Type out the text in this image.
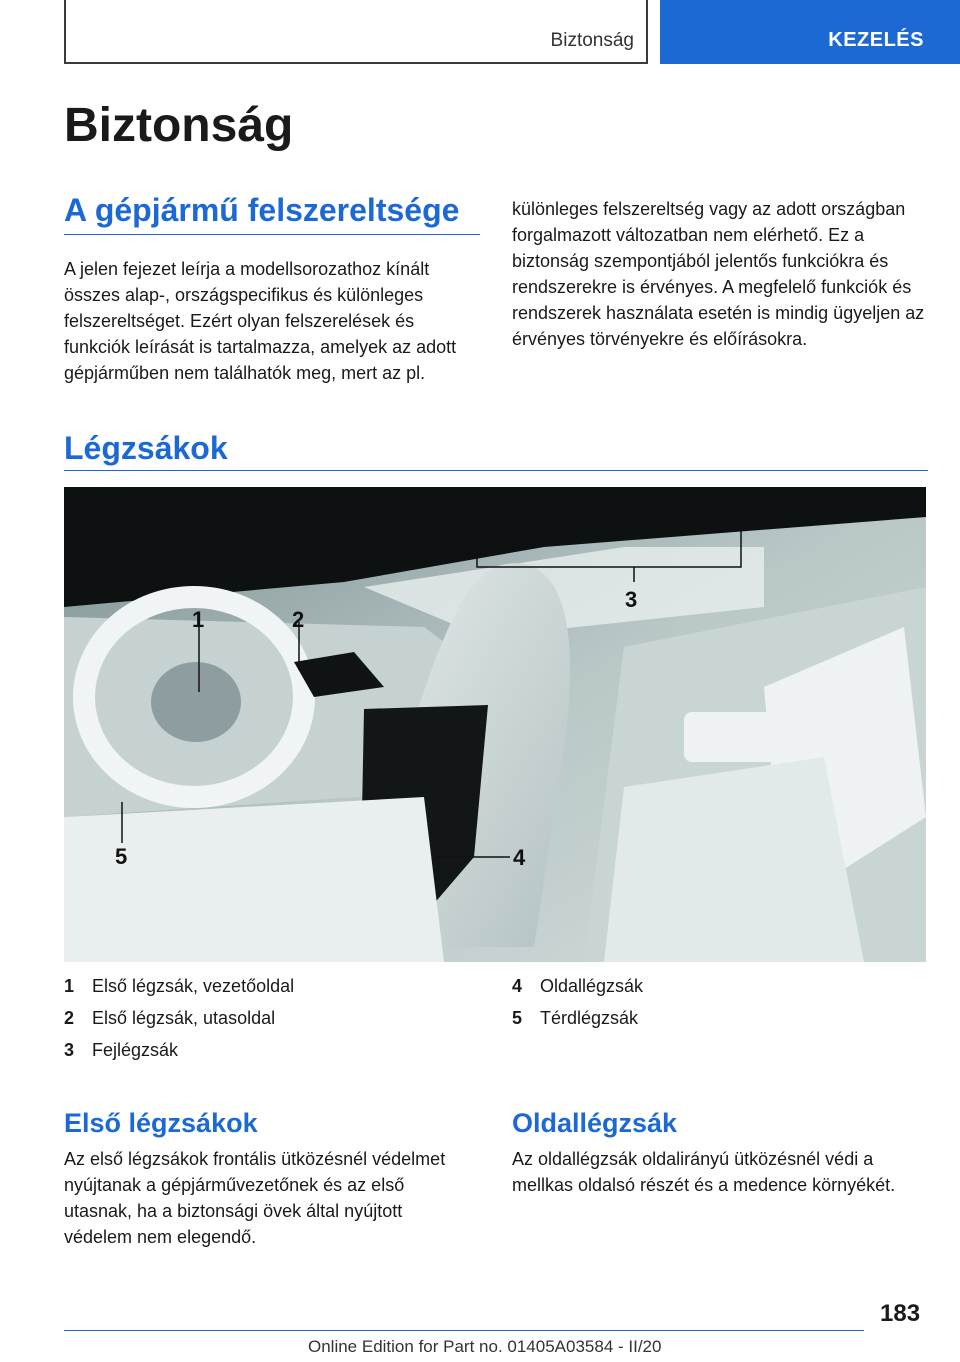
Biztonság	KEZELÉS
Biztonság
A gépjármű felszereltsége

A jelen fejezet leírja a modellsorozathoz kínált összes alap-, országspecifikus és különleges felszereltséget. Ezért olyan felszerelések és funkciók leírását is tartalmazza, amelyek az adott gépjárműben nem találhatók meg, mert az pl.

különleges felszereltség vagy az adott országban forgalmazott változatban nem elérhető. Ez a biztonság szempontjából jelentős funkciókra és rendszerekre is érvényes. A megfelelő funkciók és rendszerek használata esetén is mindig ügyeljen az érvényes törvényekre és előírásokra.

Légzsákok
1	2
3
4
5
1 Első légzsák, vezetőoldal
2 Első légzsák, utasoldal
3 Fejlégzsák
4 Oldallégzsák
5 Térdlégzsák
Első légzsákok

Az első légzsákok frontális ütközésnél védelmet nyújtanak a gépjárművezetőnek és az első utasnak, ha a biztonsági övek által nyújtott védelem nem elegendő.

Oldallégzsák

Az oldallégzsák oldalirányú ütközésnél védi a mellkas oldalsó részét és a medence környékét.

183
Online Edition for Part no. 01405A03584 - II/20
